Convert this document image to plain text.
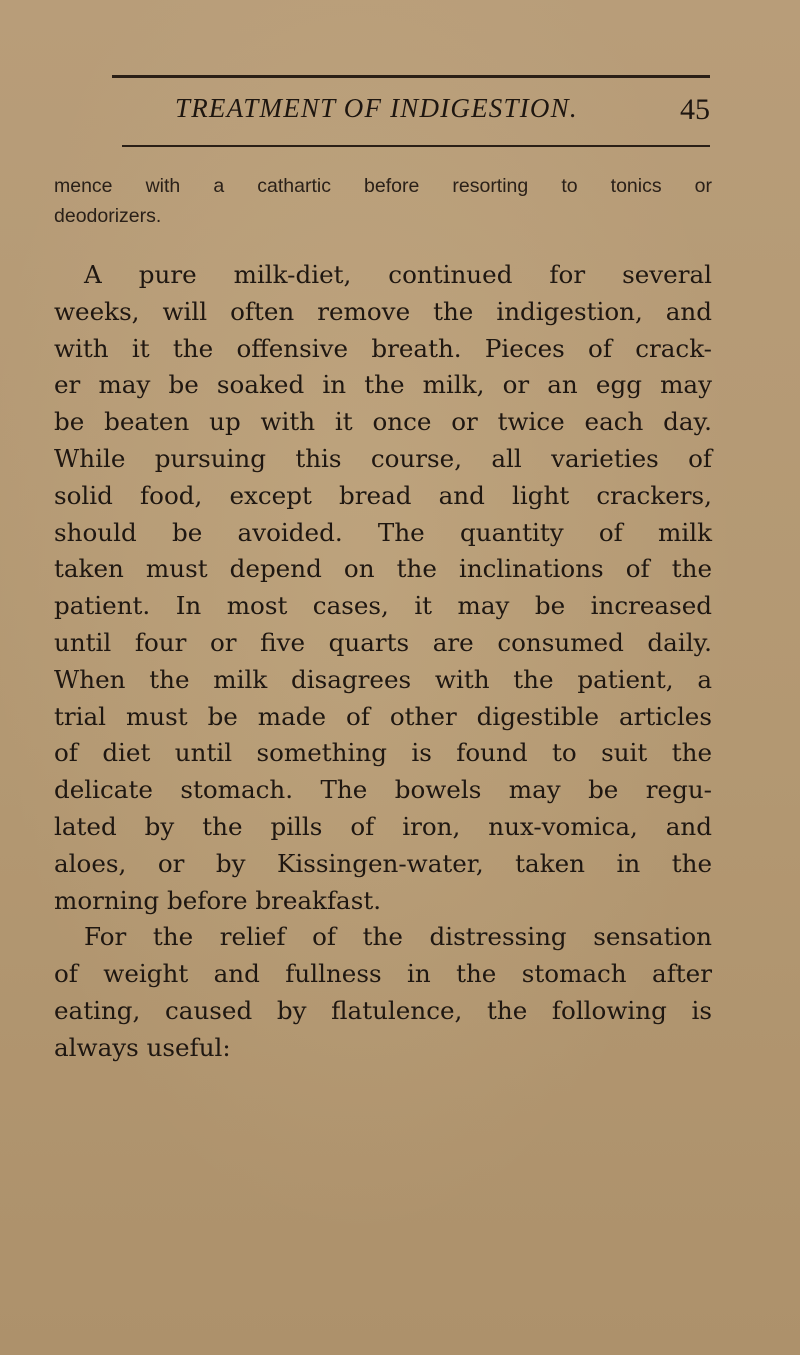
TREATMENT OF INDIGESTION.	45

mence with a cathartic before resorting to tonics or
deodorizers.

A pure milk-diet, continued for several
weeks, will often remove the indigestion, and
with it the offensive breath. Pieces of crack-
er may be soaked in the milk, or an egg may
be beaten up with it once or twice each day.
While pursuing this course, all varieties of
solid food, except bread and light crackers,
should be avoided. The quantity of milk
taken must depend on the inclinations of the
patient. In most cases, it may be increased
until four or five quarts are consumed daily.
When the milk disagrees with the patient, a
trial must be made of other digestible articles
of diet until something is found to suit the
delicate stomach. The bowels may be regu-
lated by the pills of iron, nux-vomica, and
aloes, or by Kissingen-water, taken in the
morning before breakfast.
For the relief of the distressing sensation
of weight and fullness in the stomach after
eating, caused by flatulence, the following is
always useful:
